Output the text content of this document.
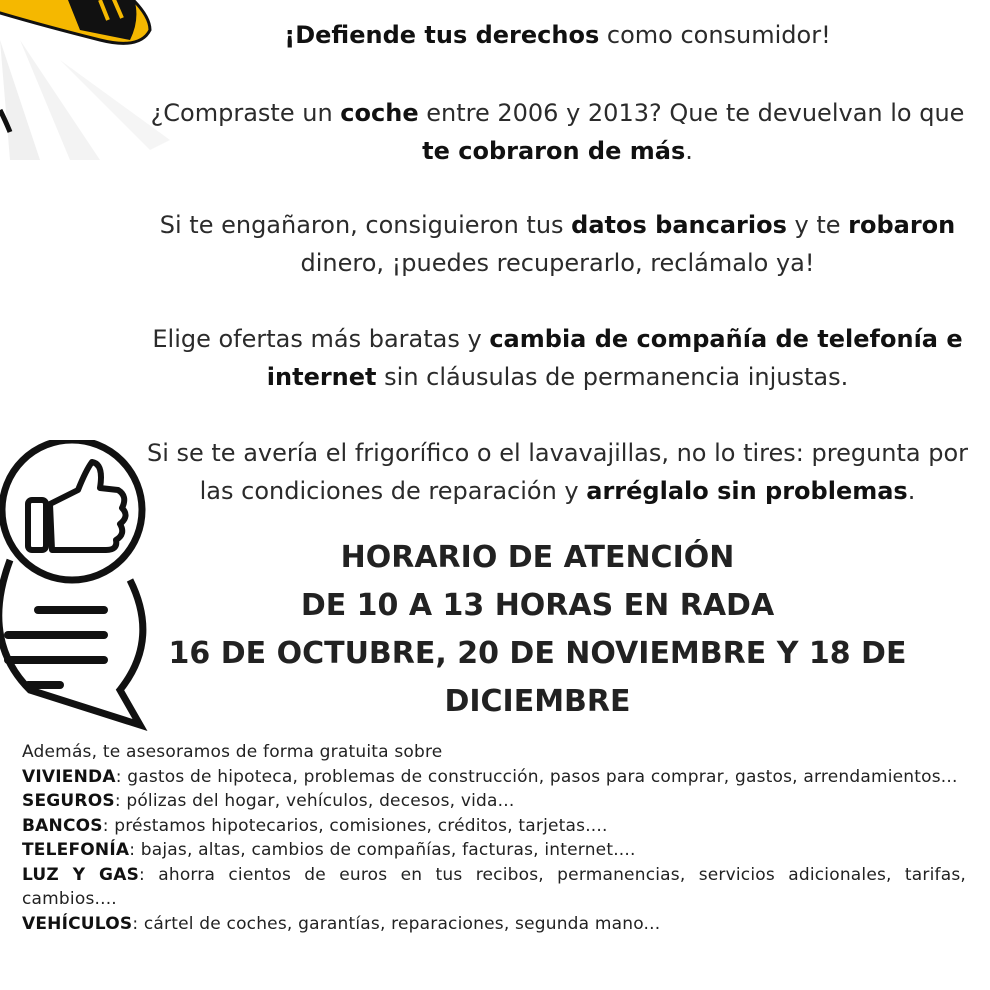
¡Defiende tus derechos como consumidor!
¿Compraste un coche entre 2006 y 2013? Que te devuelvan lo que te cobraron de más.
Si te engañaron, consiguieron tus datos bancarios y te robaron dinero, ¡puedes recuperarlo, reclámalo ya!
Elige ofertas más baratas y cambia de compañía de telefonía e internet sin cláusulas de permanencia injustas.
Si se te avería el frigorífico o el lavavajillas, no lo tires: pregunta por las condiciones de reparación y arréglalo sin problemas.
HORARIO DE ATENCIÓN
DE 10 A 13 HORAS EN RADA
16 DE OCTUBRE, 20 DE NOVIEMBRE Y 18 DE
DICIEMBRE
Además, te asesoramos de forma gratuita sobre
VIVIENDA: gastos de hipoteca, problemas de construcción, pasos para comprar, gastos, arrendamientos...
SEGUROS: pólizas del hogar, vehículos, decesos, vida...
BANCOS: préstamos hipotecarios, comisiones, créditos, tarjetas....
TELEFONÍA: bajas, altas, cambios de compañías, facturas, internet....
LUZ Y GAS: ahorra cientos de euros en tus recibos, permanencias, servicios adicionales, tarifas, cambios....
VEHÍCULOS: cártel de coches, garantías, reparaciones, segunda mano...
